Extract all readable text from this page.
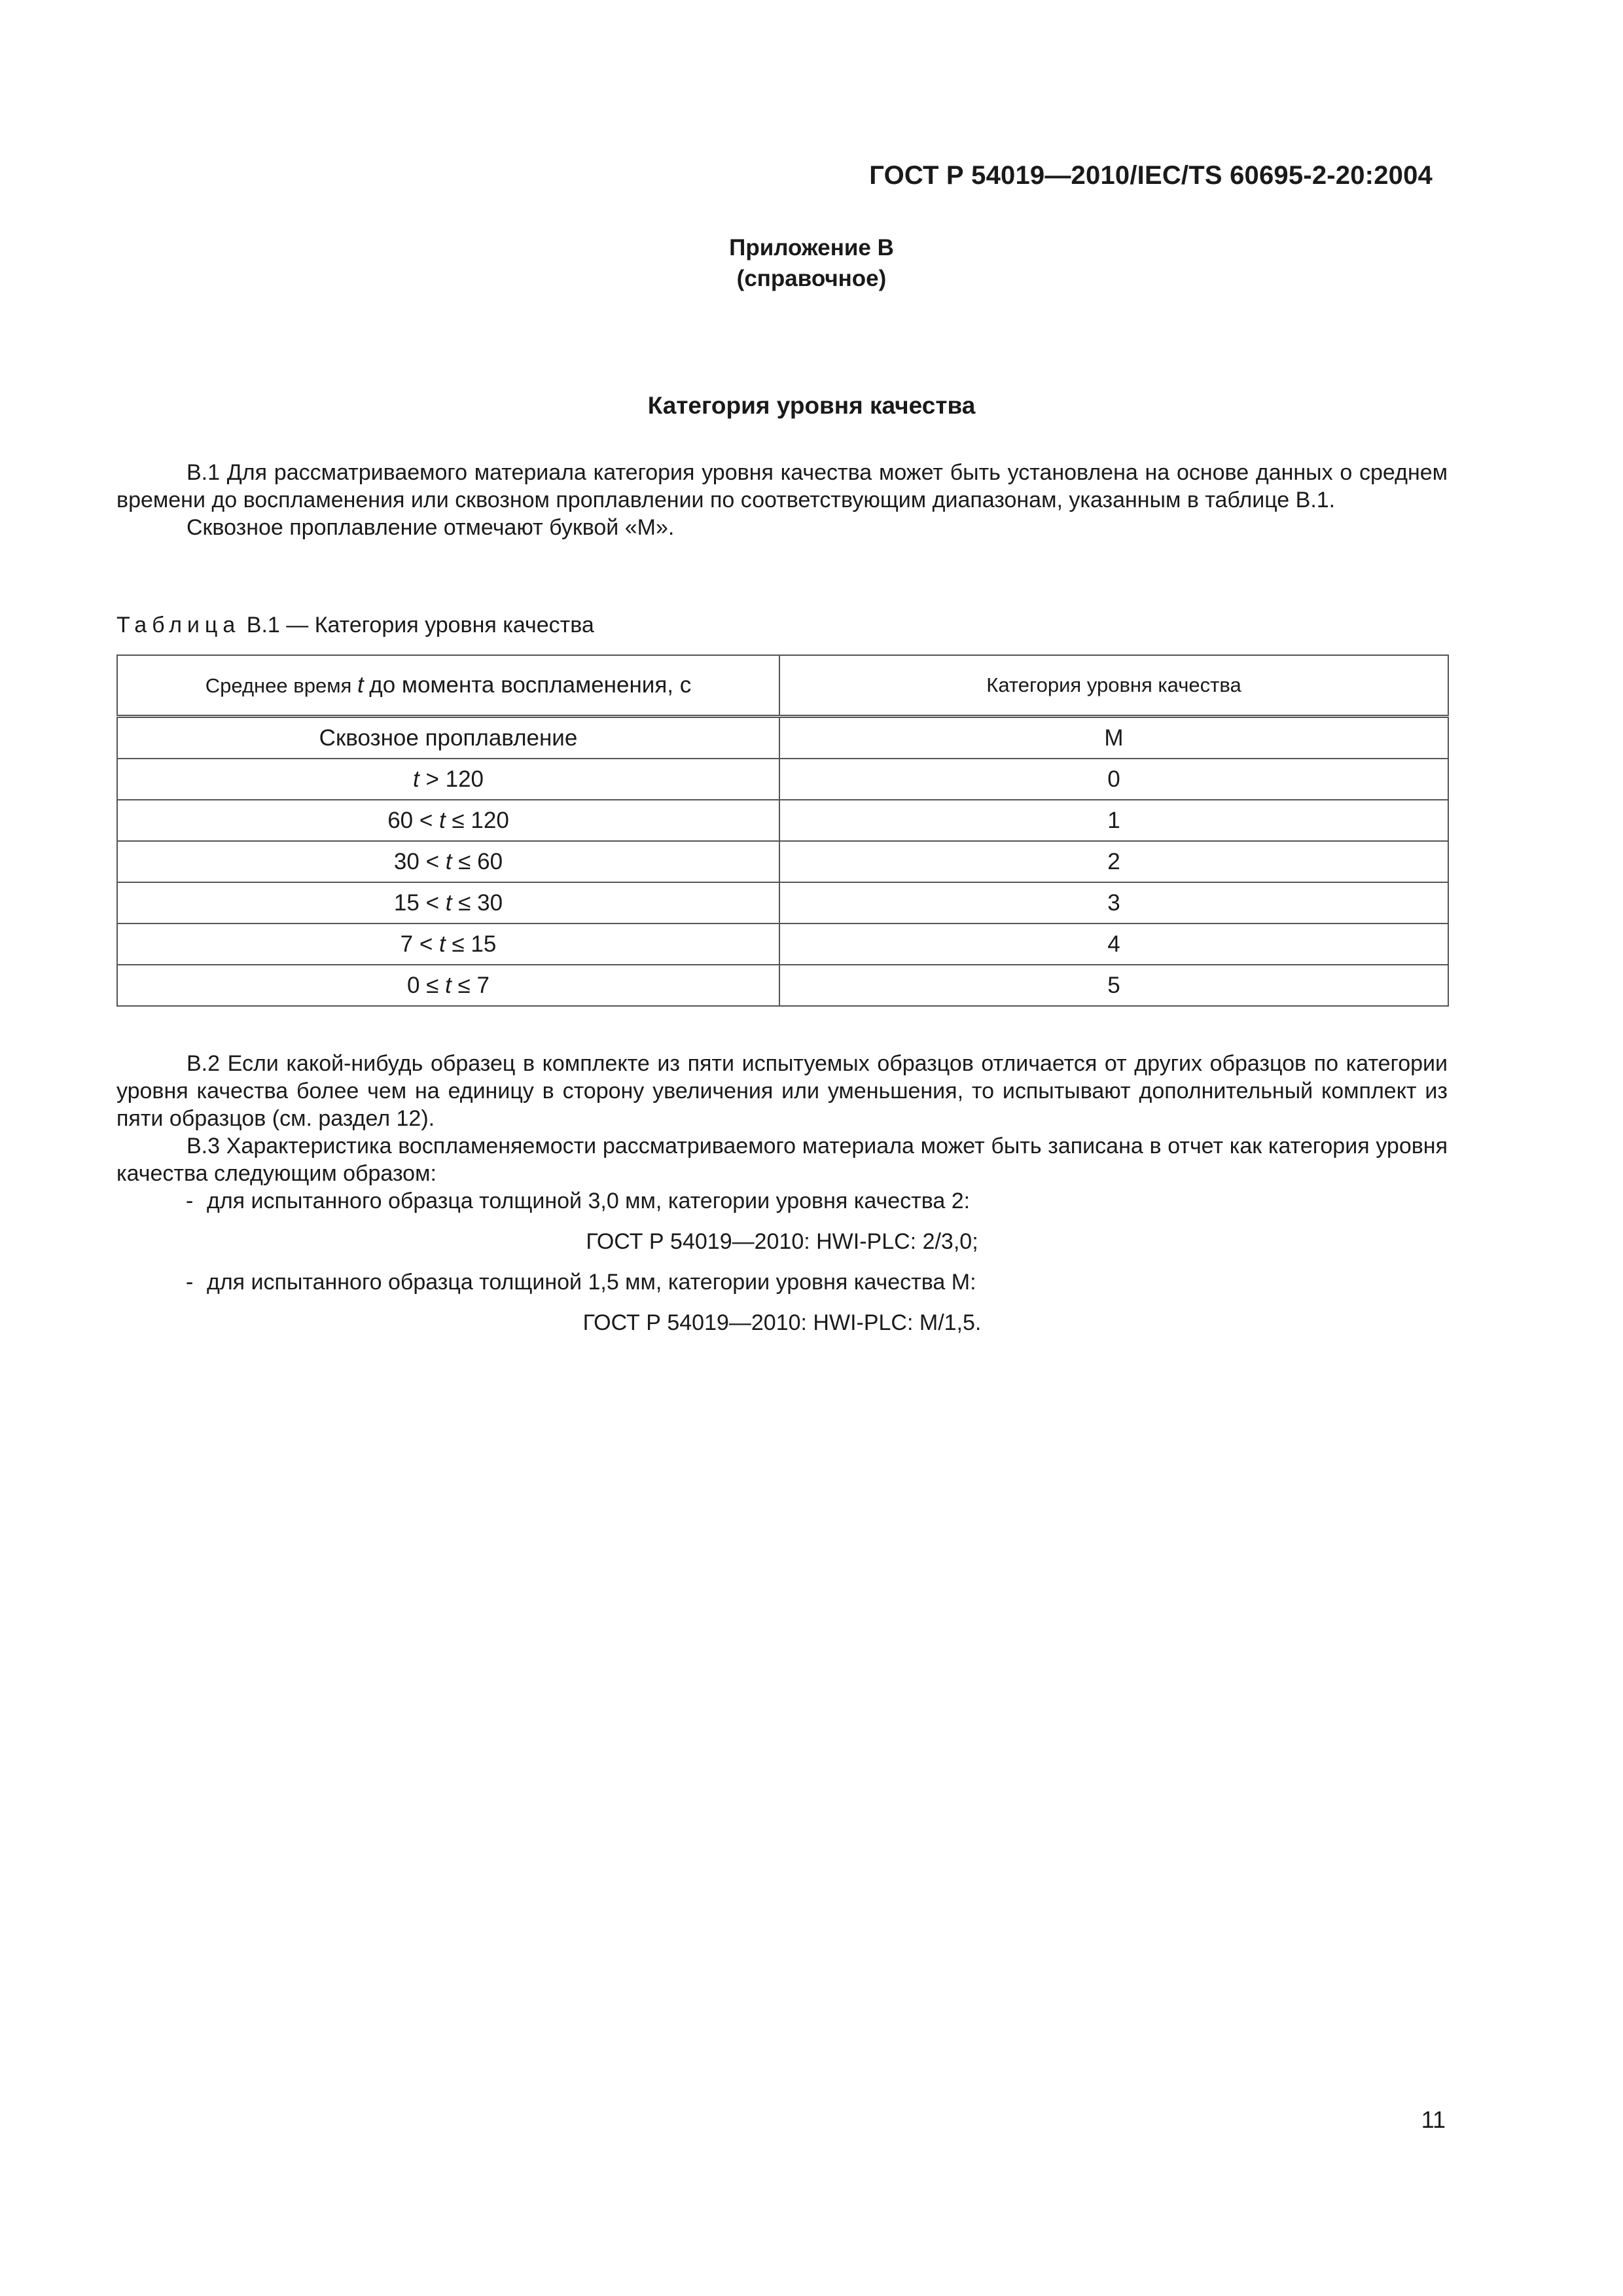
ГОСТ Р 54019—2010/IEC/TS 60695-2-20:2004
Приложение В
(справочное)
Категория уровня качества

В.1 Для рассматриваемого материала категория уровня качества может быть установлена на основе данных о среднем времени до воспламенения или сквозном проплавлении по соответствующим диапазонам, указанным в таблице В.1.

Сквозное проплавление отмечают буквой «М».

Таблица В.1 — Категория уровня качества
Среднее время t до момента воспламенения, с	Категория уровня качества
Сквозное проплавление	М
t > 120	0
60 < t ≤ 120	1
30 < t ≤ 60	2
15 < t ≤ 30	3
7 < t ≤ 15	4
0 ≤ t ≤ 7	5

В.2 Если какой-нибудь образец в комплекте из пяти испытуемых образцов отличается от других образцов по категории уровня качества более чем на единицу в сторону увеличения или уменьшения, то испытывают дополнительный комплект из пяти образцов (см. раздел 12).

В.3 Характеристика воспламеняемости рассматриваемого материала может быть записана в отчет как категория уровня качества следующим образом:

- для испытанного образца толщиной 3,0 мм, категории уровня качества 2:

ГОСТ Р 54019—2010: HWI-PLC: 2/3,0;

- для испытанного образца толщиной 1,5 мм, категории уровня качества М:

ГОСТ Р 54019—2010: HWI-PLC: М/1,5.

11
